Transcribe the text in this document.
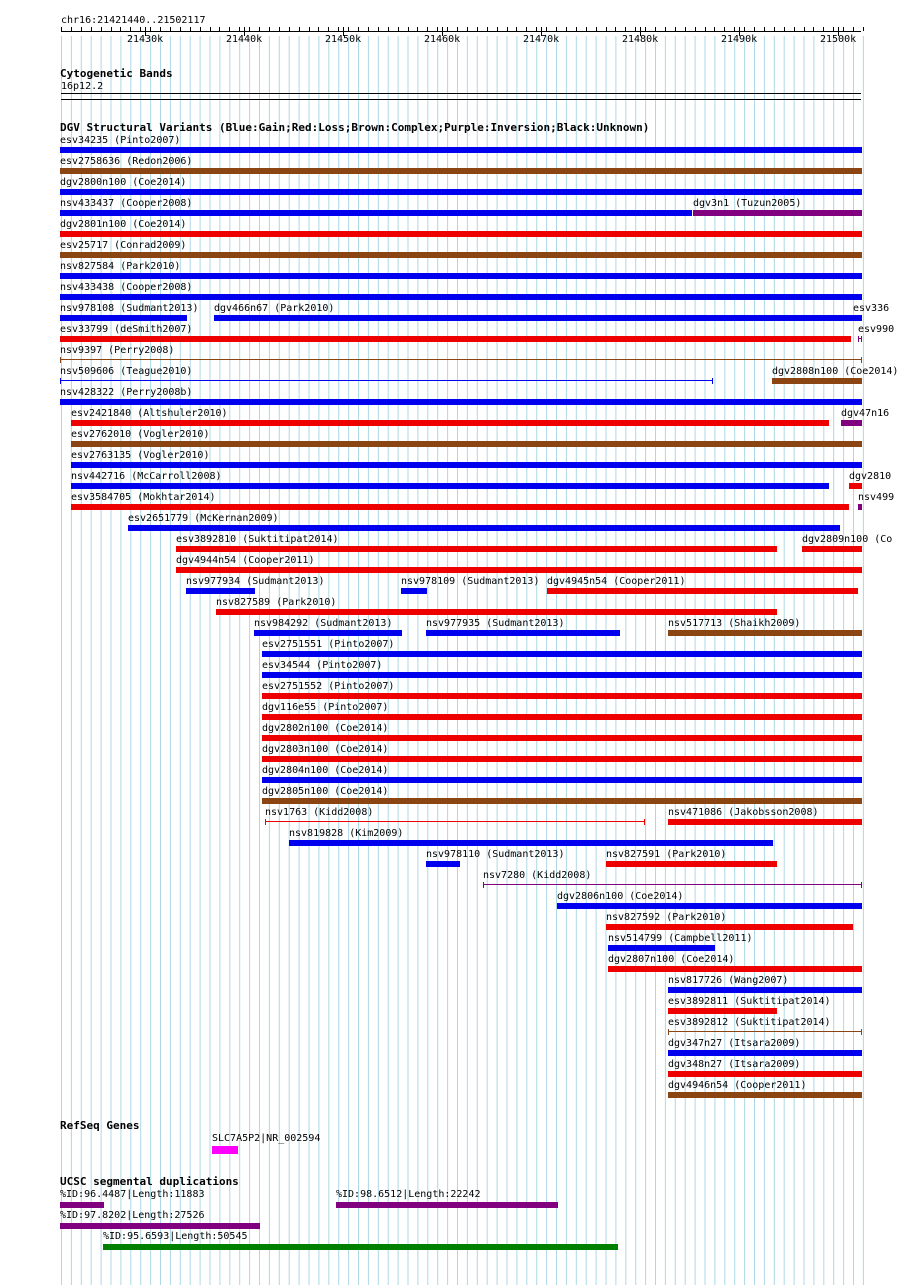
chr16:21421440..21502117
21430k	21440k	21450k	21460k	21470k	21480k	21490k	21500k
Cytogenetic Bands
16p12.2
DGV Structural Variants (Blue:Gain;Red:Loss;Brown:Complex;Purple:Inversion;Black:Unknown)
esv34235 (Pinto2007)
esv2758636 (Redon2006)
dgv2800n100 (Coe2014)
nsv433437 (Cooper2008)	dgv3n1 (Tuzun2005)
dgv2801n100 (Coe2014)
esv25717 (Conrad2009)
nsv827584 (Park2010)
nsv433438 (Cooper2008)
nsv978108 (Sudmant2013) dgv466n67 (Park2010)	esv336
esv33799 (deSmith2007)	esv990
nsv9397 (Perry2008)
nsv509606 (Teague2010)	dgv2808n100 (Coe2014)
nsv428322 (Perry2008b)
esv2421840 (Altshuler2010)	dgv47n16
esv2762010 (Vogler2010)
esv2763135 (Vogler2010)
nsv442716 (McCarroll2008)	dgv2810
esv3584705 (Mokhtar2014)	nsv499
esv2651779 (McKernan2009)
esv3892810 (Suktitipat2014)	dgv2809n100 (Co
dgv4944n54 (Cooper2011)
nsv977934 (Sudmant2013)	nsv978109 (Sudmant2013) dgv4945n54 (Cooper2011)
nsv827589 (Park2010)
nsv984292 (Sudmant2013)	nsv977935 (Sudmant2013)	nsv517713 (Shaikh2009)
esv2751551 (Pinto2007)
esv34544 (Pinto2007)
esv2751552 (Pinto2007)
dgv116e55 (Pinto2007)
dgv2802n100 (Coe2014)
dgv2803n100 (Coe2014)
dgv2804n100 (Coe2014)
dgv2805n100 (Coe2014)
nsv1763 (Kidd2008)	nsv471086 (Jakobsson2008)
nsv819828 (Kim2009)
nsv978110 (Sudmant2013)	nsv827591 (Park2010)
nsv7280 (Kidd2008)
dgv2806n100 (Coe2014)
nsv827592 (Park2010)
nsv514799 (Campbell2011)
dgv2807n100 (Coe2014)
nsv817726 (Wang2007)
esv3892811 (Suktitipat2014)
esv3892812 (Suktitipat2014)
dgv347n27 (Itsara2009)
dgv348n27 (Itsara2009)
dgv4946n54 (Cooper2011)
RefSeq Genes
SLC7A5P2|NR_002594
UCSC segmental duplications
%ID:96.4487|Length:11883	%ID:98.6512|Length:22242
%ID:97.8202|Length:27526
%ID:95.6593|Length:50545
